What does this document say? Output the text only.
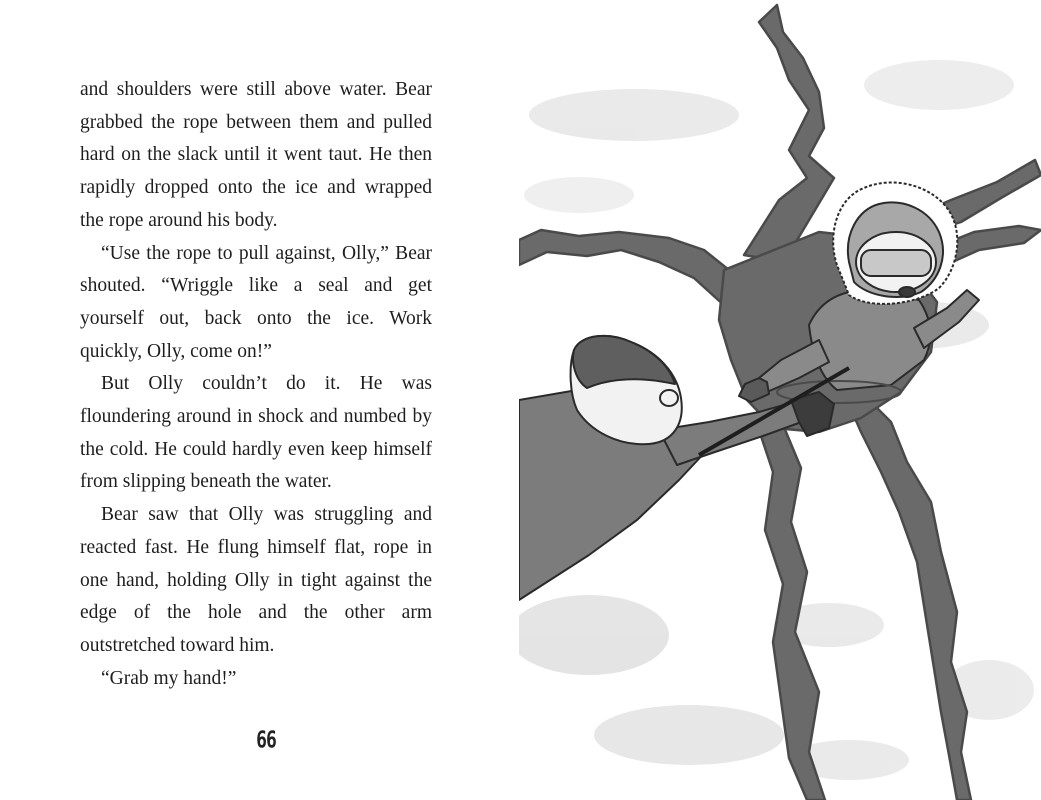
and shoulders were still above water. Bear grabbed the rope between them and pulled hard on the slack until it went taut. He then rapidly dropped onto the ice and wrapped the rope around his body.

“Use the rope to pull against, Olly,” Bear shouted. “Wriggle like a seal and get yourself out, back onto the ice. Work quickly, Olly, come on!”

But Olly couldn’t do it. He was floundering around in shock and numbed by the cold. He could hardly even keep himself from slipping beneath the water.

Bear saw that Olly was struggling and reacted fast. He flung himself flat, rope in one hand, holding Olly in tight against the edge of the hole and the other arm outstretched toward him.

“Grab my hand!”

66
